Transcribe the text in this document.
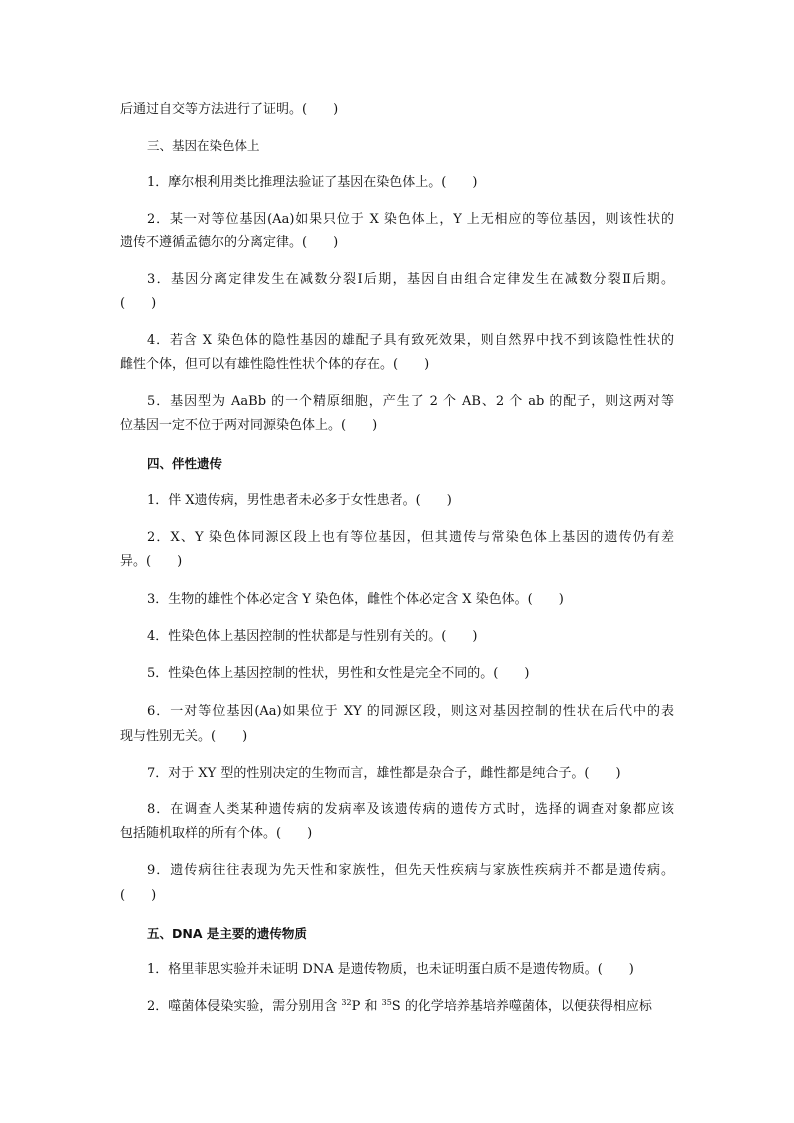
后通过自交等方法进行了证明。(　　)
三、基因在染色体上
1．摩尔根利用类比推理法验证了基因在染色体上。(　　)
2．某一对等位基因(Aa)如果只位于 X 染色体上，Y 上无相应的等位基因，则该性状的
遗传不遵循孟德尔的分离定律。(　　)
3．基因分离定律发生在减数分裂Ⅰ后期，基因自由组合定律发生在减数分裂Ⅱ后期。
(　　)
4．若含 X 染色体的隐性基因的雄配子具有致死效果，则自然界中找不到该隐性性状的
雌性个体，但可以有雄性隐性性状个体的存在。(　　)
5．基因型为 AaBb 的一个精原细胞，产生了 2 个 AB、2 个 ab 的配子，则这两对等
位基因一定不位于两对同源染色体上。(　　)
四、伴性遗传
1．伴 X遗传病，男性患者未必多于女性患者。(　　)
2．X、Y 染色体同源区段上也有等位基因，但其遗传与常染色体上基因的遗传仍有差
异。(　　)
3．生物的雄性个体必定含 Y 染色体，雌性个体必定含 X 染色体。(　　)
4．性染色体上基因控制的性状都是与性别有关的。(　　)
5．性染色体上基因控制的性状，男性和女性是完全不同的。(　　)
6．一对等位基因(Aa)如果位于 XY 的同源区段，则这对基因控制的性状在后代中的表
现与性别无关。(　　)
7．对于 XY 型的性别决定的生物而言，雄性都是杂合子，雌性都是纯合子。(　　)
8．在调查人类某种遗传病的发病率及该遗传病的遗传方式时，选择的调查对象都应该
包括随机取样的所有个体。(　　)
9．遗传病往往表现为先天性和家族性，但先天性疾病与家族性疾病并不都是遗传病。
(　　)
五、DNA 是主要的遗传物质
1．格里菲思实验并未证明 DNA 是遗传物质，也未证明蛋白质不是遗传物质。(　　)
2．噬菌体侵染实验，需分别用含 $^{32}$P 和 $^{35}$S 的化学培养基培养噬菌体，以便获得相应标
